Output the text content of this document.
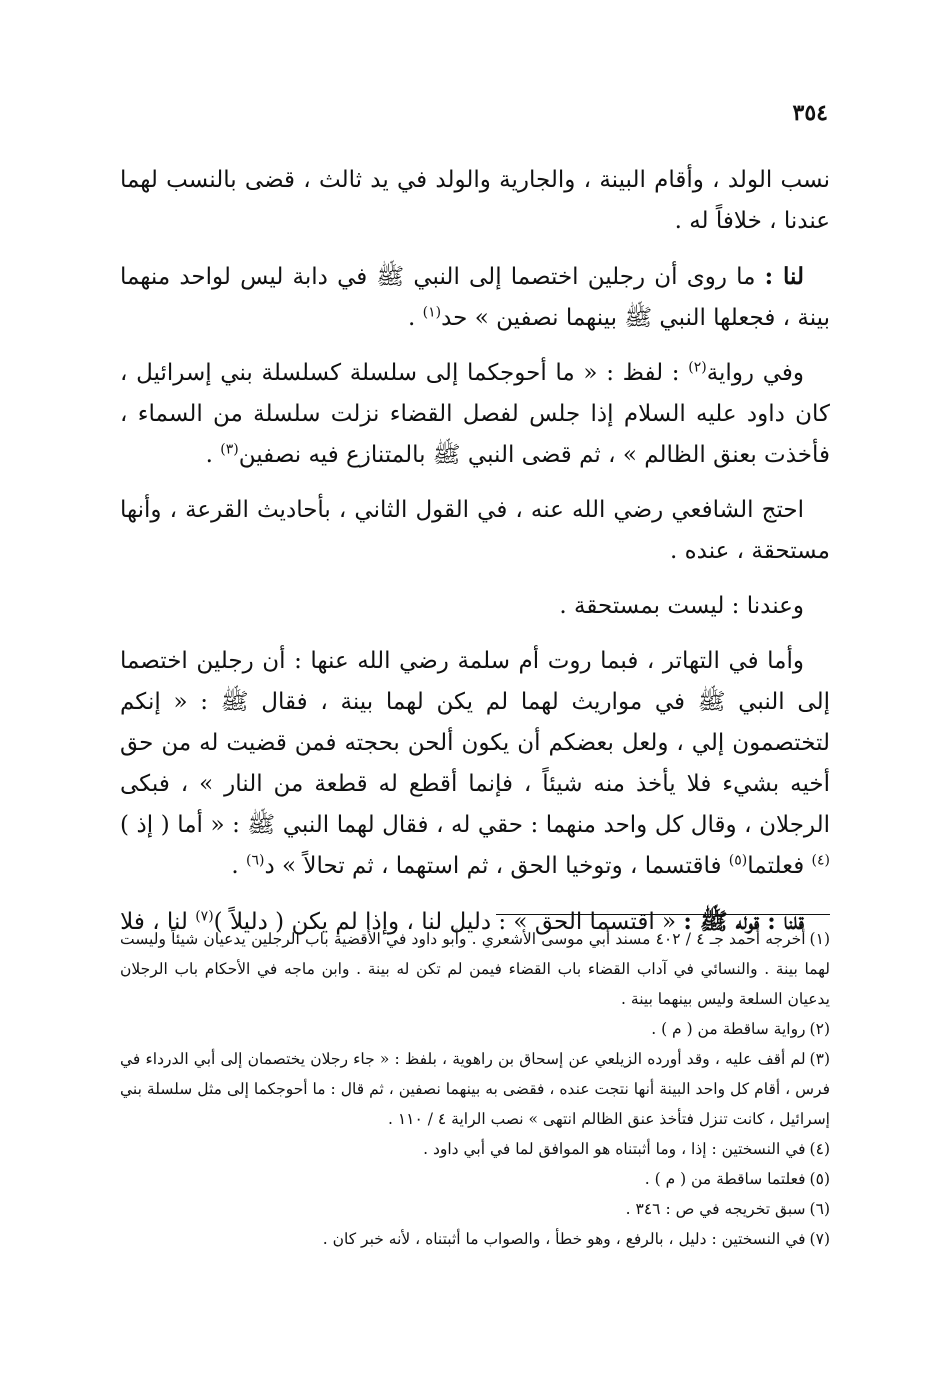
٣٥٤

نسب الولد ، وأقام البينة ، والجارية والولد في يد ثالث ، قضى بالنسب لهما عندنا ، خلافاً له .

لنا : ما روى أن رجلين اختصما إلى النبي ﷺ في دابة ليس لواحد منهما بينة ، فجعلها النبي ﷺ بينهما نصفين » حد$^{(١)}$ .

وفي رواية$^{(٢)}$ : لفظ : « ما أحوجكما إلى سلسلة كسلسلة بني إسرائيل ، كان داود عليه السلام إذا جلس لفصل القضاء نزلت سلسلة من السماء ، فأخذت بعنق الظالم » ، ثم قضى النبي ﷺ بالمتنازع فيه نصفين$^{(٣)}$ .

احتج الشافعي رضي الله عنه ، في القول الثاني ، بأحاديث القرعة ، وأنها مستحقة ، عنده .

وعندنا : ليست بمستحقة .

وأما في التهاتر ، فبما روت أم سلمة رضي الله عنها : أن رجلين اختصما إلى النبي ﷺ في مواريث لهما لم يكن لهما بينة ، فقال ﷺ : « إنكم لتختصمون إلي ، ولعل بعضكم أن يكون ألحن بحجته فمن قضيت له من حق أخيه بشيء فلا يأخذ منه شيئاً ، فإنما أقطع له قطعة من النار » ، فبكى الرجلان ، وقال كل واحد منهما : حقي له ، فقال لهما النبي ﷺ : « أما ( إذ )$^{(٤)}$ فعلتما$^{(٥)}$ فاقتسما ، وتوخيا الحق ، ثم استهما ، ثم تحالاً » د$^{(٦)}$ .

قلنا : قوله ﷺ : « اقتسما الحق » : دليل لنا ، وإذا لم يكن ( دليلاً )$^{(٧)}$ لنا ، فلا

(١)أخرجه أحمد جـ ٤ / ٤٠٢ مسند أبي موسى الأشعري . وأبو داود في الأقضية باب الرجلين يدعيان شيئاً وليست لهما بينة . والنسائي في آداب القضاء باب القضاء فيمن لم تكن له بينة . وابن ماجه في الأحكام باب الرجلان يدعيان السلعة وليس بينهما بينة .
(٢)رواية ساقطة من ( م ) .
(٣)لم أقف عليه ، وقد أورده الزيلعي عن إسحاق بن راهوية ، بلفظ : « جاء رجلان يختصمان إلى أبي الدرداء في فرس ، أقام كل واحد البينة أنها نتجت عنده ، فقضى به بينهما نصفين ، ثم قال : ما أحوجكما إلى مثل سلسلة بني إسرائيل ، كانت تنزل فتأخذ عنق الظالم انتهى » نصب الراية ٤ / ١١٠ .
(٤)في النسختين : إذا ، وما أثبتناه هو الموافق لما في أبي داود .
(٥)فعلتما ساقطة من ( م ) .
(٦)سبق تخريجه في ص : ٣٤٦ .
(٧)في النسختين : دليل ، بالرفع ، وهو خطأ ، والصواب ما أثبتناه ، لأنه خبر كان .
